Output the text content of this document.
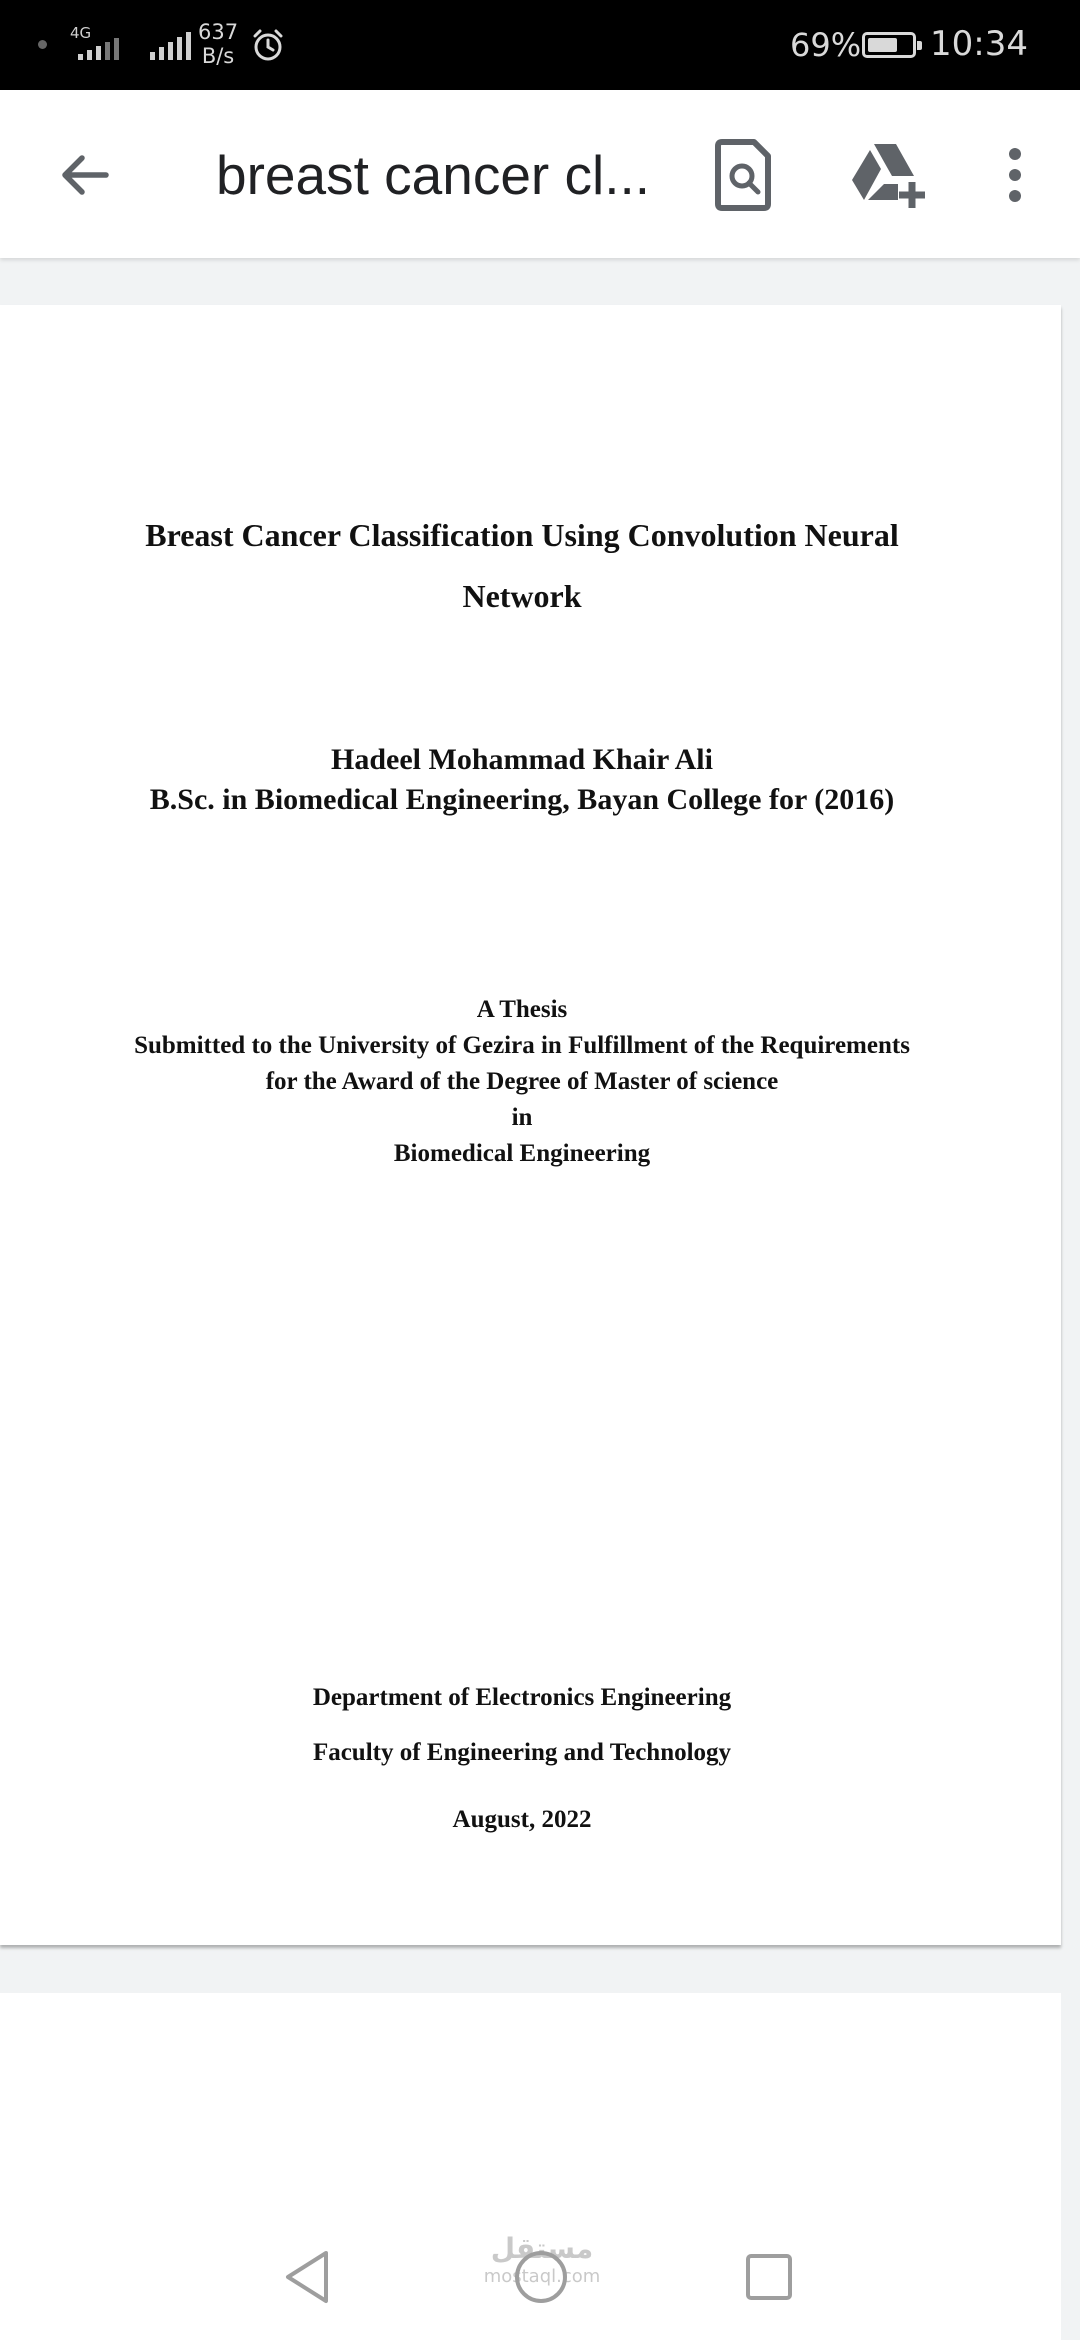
4G	637
B/s	69% 10:34
breast cancer cl...
Breast Cancer Classification Using Convolution Neural
Network
Hadeel Mohammad Khair Ali
B.Sc. in Biomedical Engineering, Bayan College for (2016)
A Thesis
Submitted to the University of Gezira in Fulfillment of the Requirements
for the Award of the Degree of Master of science
in
Biomedical Engineering
Department of Electronics Engineering
Faculty of Engineering and Technology
August, 2022
مستقل
mostaql.com
